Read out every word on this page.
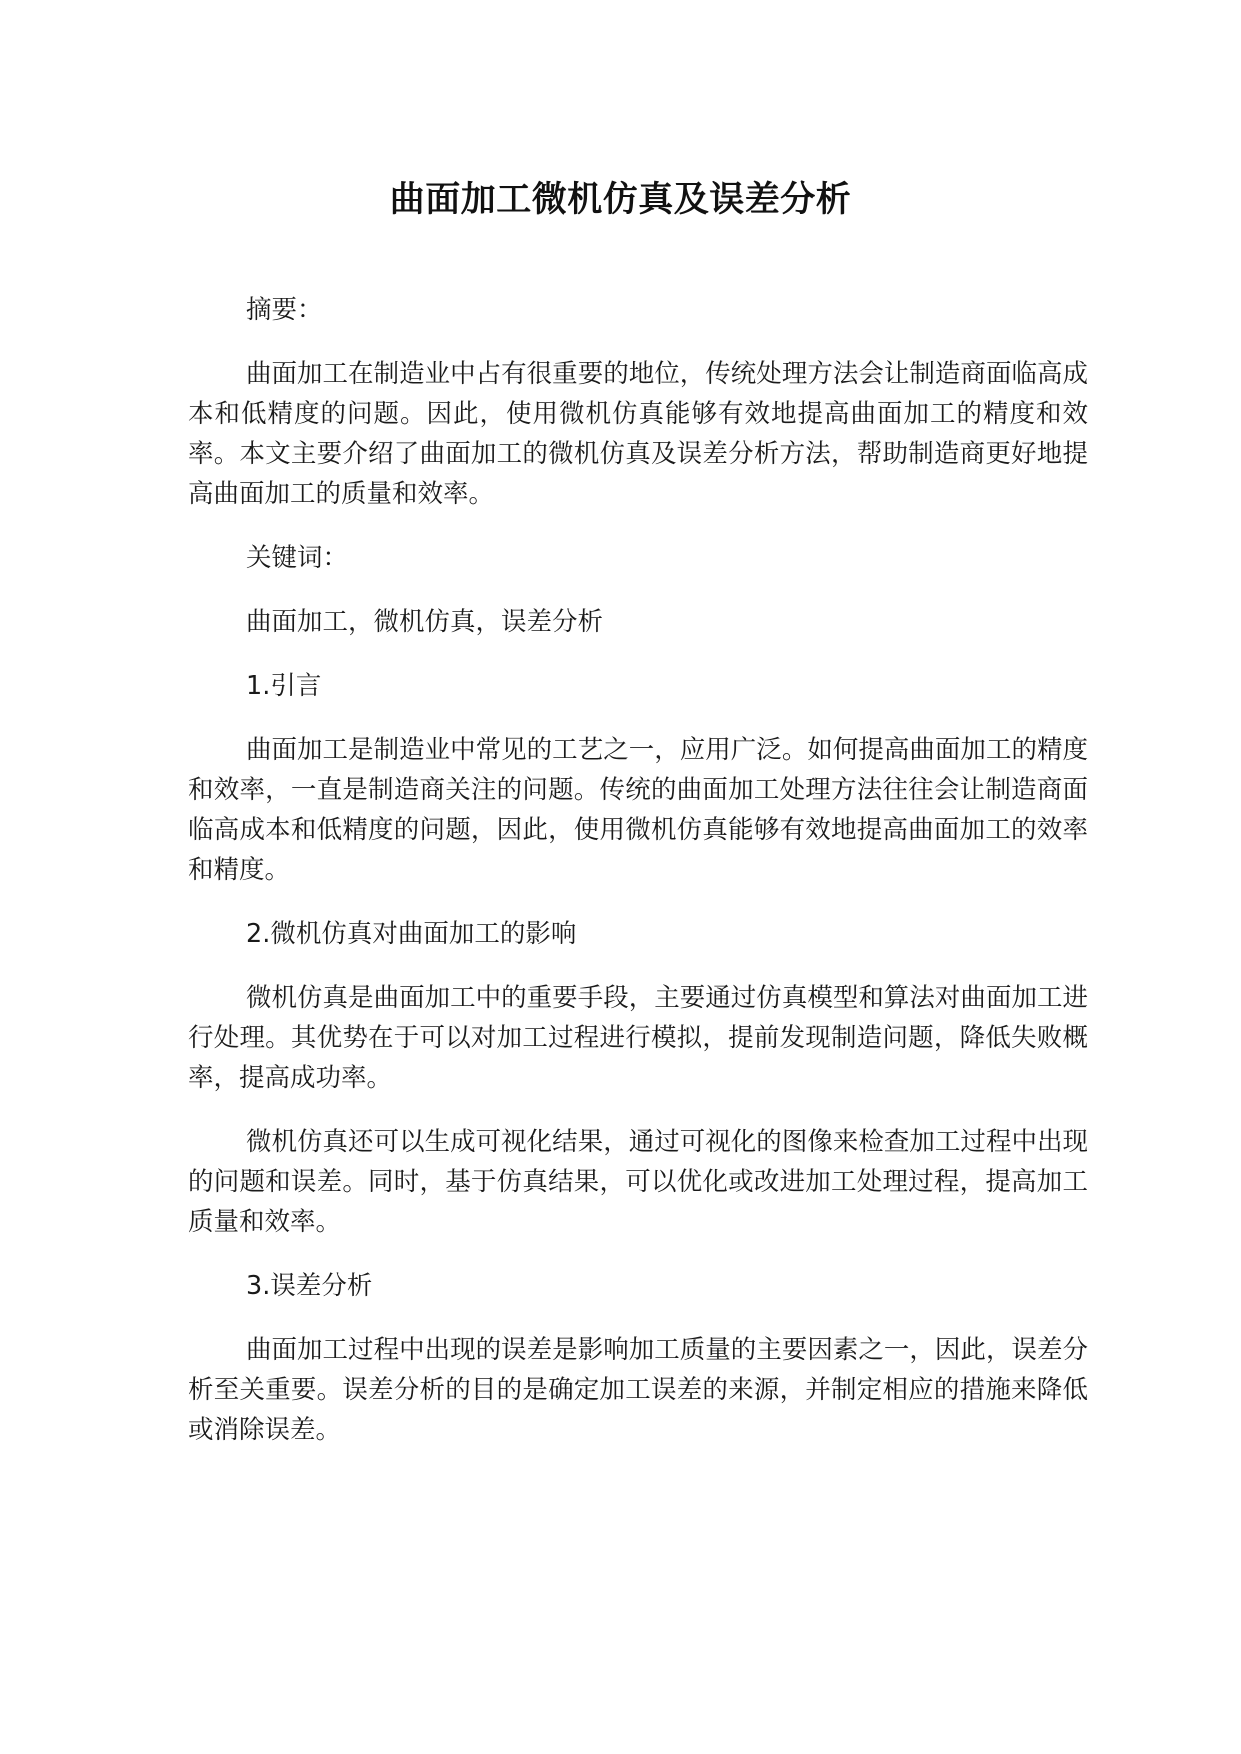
曲面加工微机仿真及误差分析

摘要：

曲面加工在制造业中占有很重要的地位，传统处理方法会让制造商面临高成本和低精度的问题。因此，使用微机仿真能够有效地提高曲面加工的精度和效率。本文主要介绍了曲面加工的微机仿真及误差分析方法，帮助制造商更好地提高曲面加工的质量和效率。

关键词：

曲面加工，微机仿真，误差分析

1.引言

曲面加工是制造业中常见的工艺之一，应用广泛。如何提高曲面加工的精度和效率，一直是制造商关注的问题。传统的曲面加工处理方法往往会让制造商面临高成本和低精度的问题，因此，使用微机仿真能够有效地提高曲面加工的效率和精度。

2.微机仿真对曲面加工的影响

微机仿真是曲面加工中的重要手段，主要通过仿真模型和算法对曲面加工进行处理。其优势在于可以对加工过程进行模拟，提前发现制造问题，降低失败概率，提高成功率。

微机仿真还可以生成可视化结果，通过可视化的图像来检查加工过程中出现的问题和误差。同时，基于仿真结果，可以优化或改进加工处理过程，提高加工质量和效率。

3.误差分析

曲面加工过程中出现的误差是影响加工质量的主要因素之一，因此，误差分析至关重要。误差分析的目的是确定加工误差的来源，并制定相应的措施来降低或消除误差。
